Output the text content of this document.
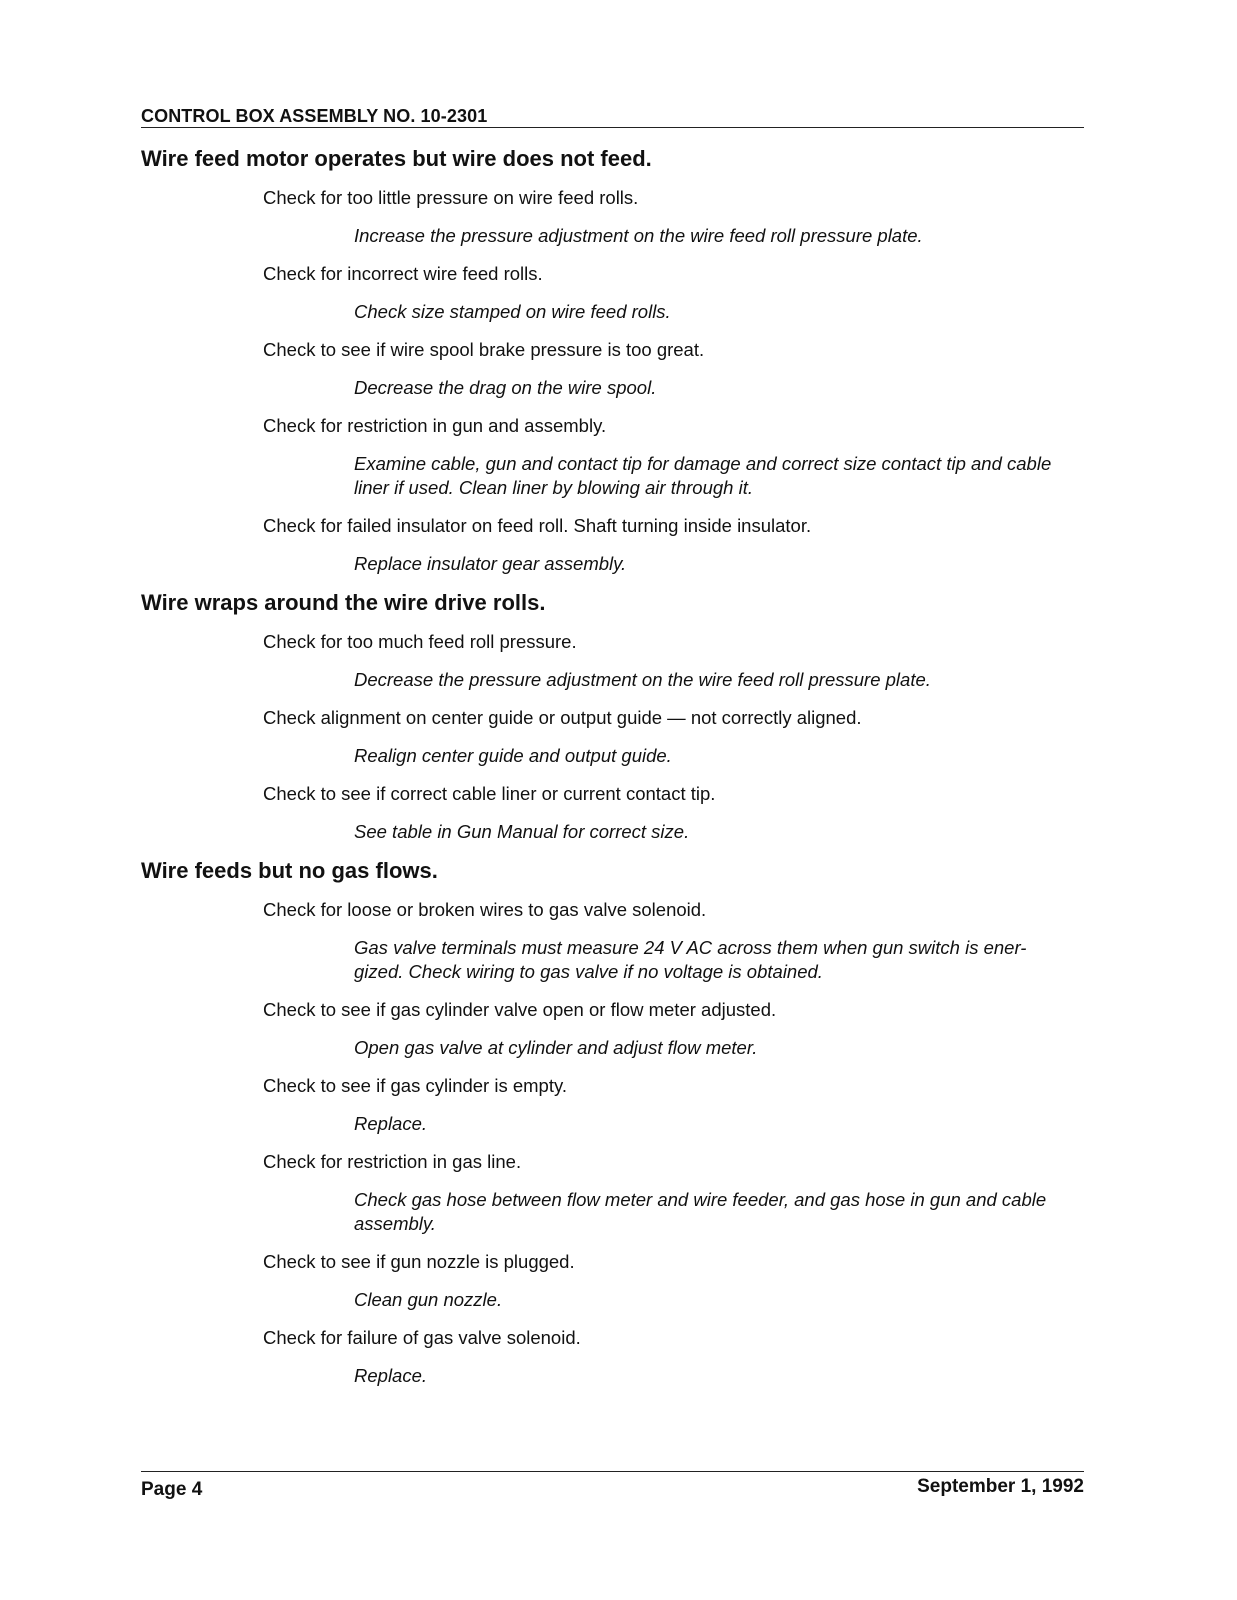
CONTROL BOX ASSEMBLY NO. 10-2301
Wire feed motor operates but wire does not feed.
Check for too little pressure on wire feed rolls.
Increase the pressure adjustment on the wire feed roll pressure plate.
Check for incorrect wire feed rolls.
Check size stamped on wire feed rolls.
Check to see if wire spool brake pressure is too great.
Decrease the drag on the wire spool.
Check for restriction in gun and assembly.
Examine cable, gun and contact tip for damage and correct size contact tip and cable liner if used. Clean liner by blowing air through it.
Check for failed insulator on feed roll. Shaft turning inside insulator.
Replace insulator gear assembly.
Wire wraps around the wire drive rolls.
Check for too much feed roll pressure.
Decrease the pressure adjustment on the wire feed roll pressure plate.
Check alignment on center guide or output guide — not correctly aligned.
Realign center guide and output guide.
Check to see if correct cable liner or current contact tip.
See table in Gun Manual for correct size.
Wire feeds but no gas flows.
Check for loose or broken wires to gas valve solenoid.
Gas valve terminals must measure 24 V AC across them when gun switch is ener-gized. Check wiring to gas valve if no voltage is obtained.
Check to see if gas cylinder valve open or flow meter adjusted.
Open gas valve at cylinder and adjust flow meter.
Check to see if gas cylinder is empty.
Replace.
Check for restriction in gas line.
Check gas hose between flow meter and wire feeder, and gas hose in gun and cable assembly.
Check to see if gun nozzle is plugged.
Clean gun nozzle.
Check for failure of gas valve solenoid.
Replace.
Page 4	September 1, 1992
